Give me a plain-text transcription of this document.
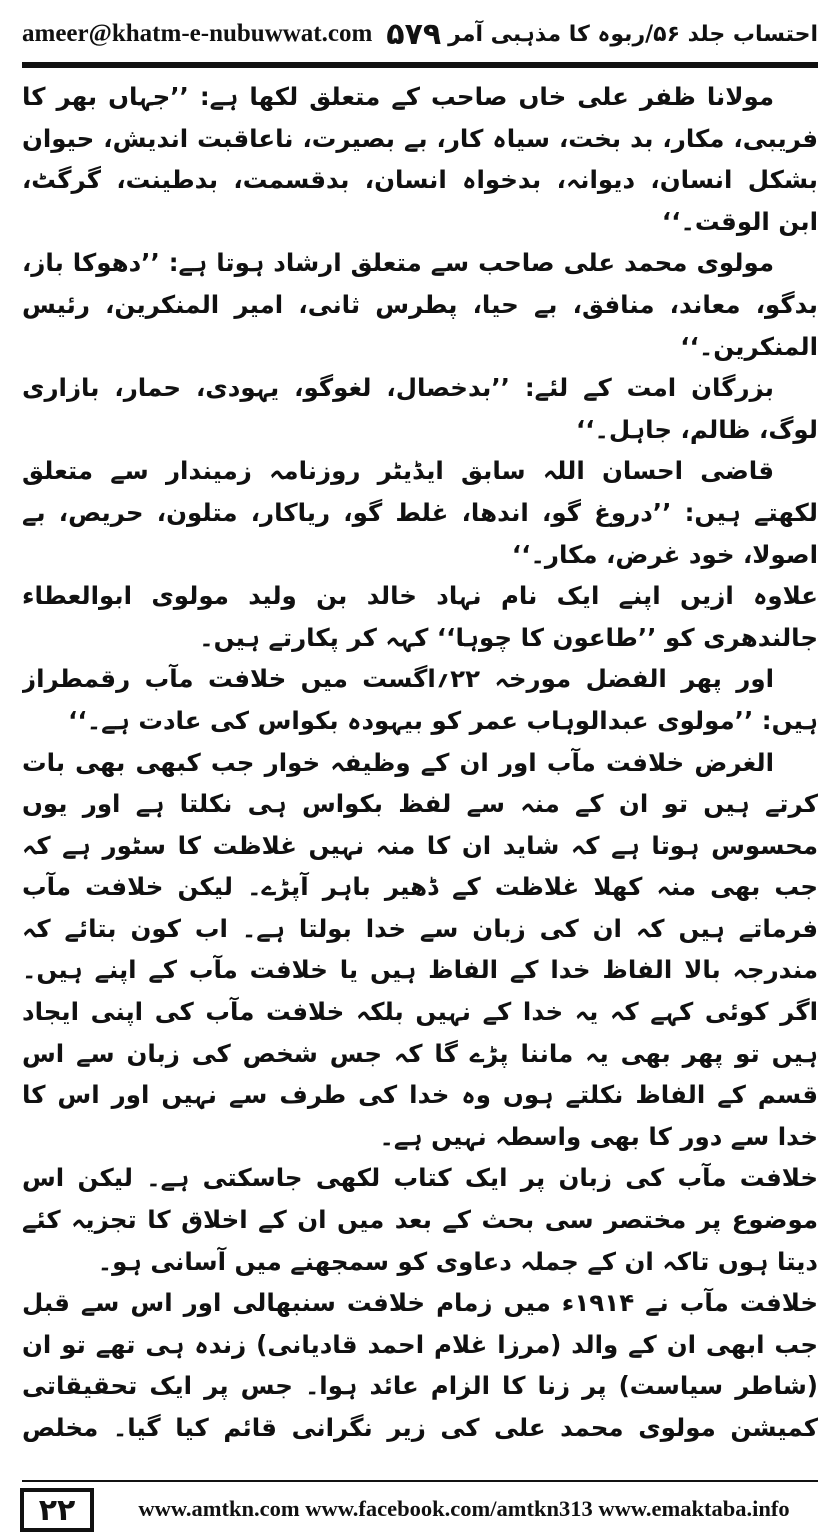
ameer@khatm-e-nubuwwat.com ۵۷۹ احتساب جلد ۵۶/ربوہ کا مذہبی آمر

مولانا ظفر علی خاں صاحب کے متعلق لکھا ہے: ’’جہاں بھر کا فریبی، مکار، بد بخت، سیاہ کار، بے بصیرت، ناعاقبت اندیش، حیوان بشکل انسان، دیوانہ، بدخواہ انسان، بدقسمت، بدطینت، گرگٹ، ابن الوقت۔‘‘

مولوی محمد علی صاحب سے متعلق ارشاد ہوتا ہے: ’’دھوکا باز، بدگو، معاند، منافق، بے حیا، پطرس ثانی، امیر المنکرین، رئیس المنکرین۔‘‘

بزرگان امت کے لئے: ’’بدخصال، لغوگو، یہودی، حمار، بازاری لوگ، ظالم، جاہل۔‘‘

قاضی احسان اللہ سابق ایڈیٹر روزنامہ زمیندار سے متعلق لکھتے ہیں: ’’دروغ گو، اندھا، غلط گو، ریاکار، متلون، حریص، بے اصولا، خود غرض، مکار۔‘‘

علاوہ ازیں اپنے ایک نام نہاد خالد بن ولید مولوی ابوالعطاء جالندھری کو ’’طاعون کا چوہا‘‘ کہہ کر پکارتے ہیں۔

اور پھر الفضل مورخہ ۲۲؍اگست میں خلافت مآب رقمطراز ہیں: ’’مولوی عبدالوہاب عمر کو بیہودہ بکواس کی عادت ہے۔‘‘

الغرض خلافت مآب اور ان کے وظیفہ خوار جب کبھی بھی بات کرتے ہیں تو ان کے منہ سے لفظ بکواس ہی نکلتا ہے اور یوں محسوس ہوتا ہے کہ شاید ان کا منہ نہیں غلاظت کا سٹور ہے کہ جب بھی منہ کھلا غلاظت کے ڈھیر باہر آپڑے۔ لیکن خلافت مآب فرماتے ہیں کہ ان کی زبان سے خدا بولتا ہے۔ اب کون بتائے کہ مندرجہ بالا الفاظ خدا کے الفاظ ہیں یا خلافت مآب کے اپنے ہیں۔ اگر کوئی کہے کہ یہ خدا کے نہیں بلکہ خلافت مآب کی اپنی ایجاد ہیں تو پھر بھی یہ ماننا پڑے گا کہ جس شخص کی زبان سے اس قسم کے الفاظ نکلتے ہوں وہ خدا کی طرف سے نہیں اور اس کا خدا سے دور کا بھی واسطہ نہیں ہے۔

خلافت مآب کی زبان پر ایک کتاب لکھی جاسکتی ہے۔ لیکن اس موضوع پر مختصر سی بحث کے بعد میں ان کے اخلاق کا تجزیہ کئے دیتا ہوں تاکہ ان کے جملہ دعاوی کو سمجھنے میں آسانی ہو۔

خلافت مآب نے ۱۹۱۴ء میں زمام خلافت سنبھالی اور اس سے قبل جب ابھی ان کے والد (مرزا غلام احمد قادیانی) زندہ ہی تھے تو ان (شاطر سیاست) پر زنا کا الزام عائد ہوا۔ جس پر ایک تحقیقاتی کمیشن مولوی محمد علی کی زیر نگرانی قائم کیا گیا۔ مخلص

۲۲	www.amtkn.com www.facebook.com/amtkn313 www.emaktaba.info
